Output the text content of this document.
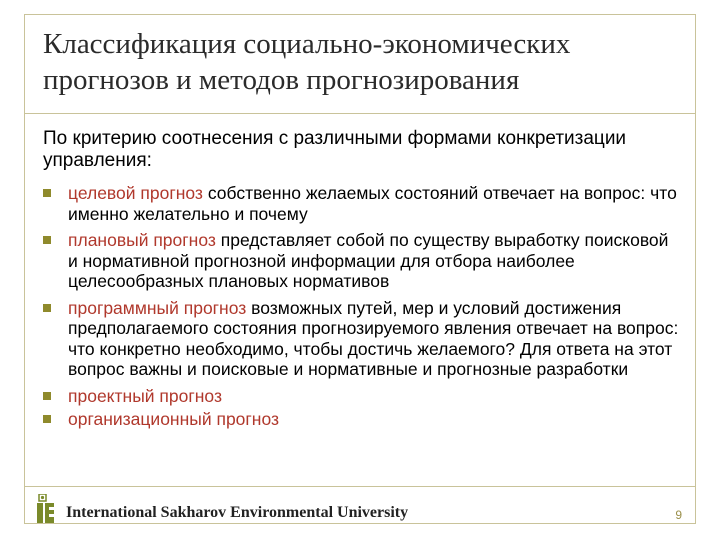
Классификация социально-экономических прогнозов и методов прогнозирования
По критерию соотнесения с различными формами конкретизации управления:
целевой прогноз собственно желаемых состояний отвечает на вопрос: что именно желательно и почему
плановый прогноз представляет собой по существу выработку поисковой и нормативной прогнозной информации для отбора наиболее целесообразных плановых нормативов
программный прогноз возможных путей, мер и условий достижения предполагаемого состояния прогнозируемого явления отвечает на вопрос: что конкретно необходимо, чтобы достичь желаемого? Для ответа на этот вопрос важны и поисковые и нормативные и прогнозные разработки
проектный прогноз
организационный прогноз
International Sakharov Environmental University	9
